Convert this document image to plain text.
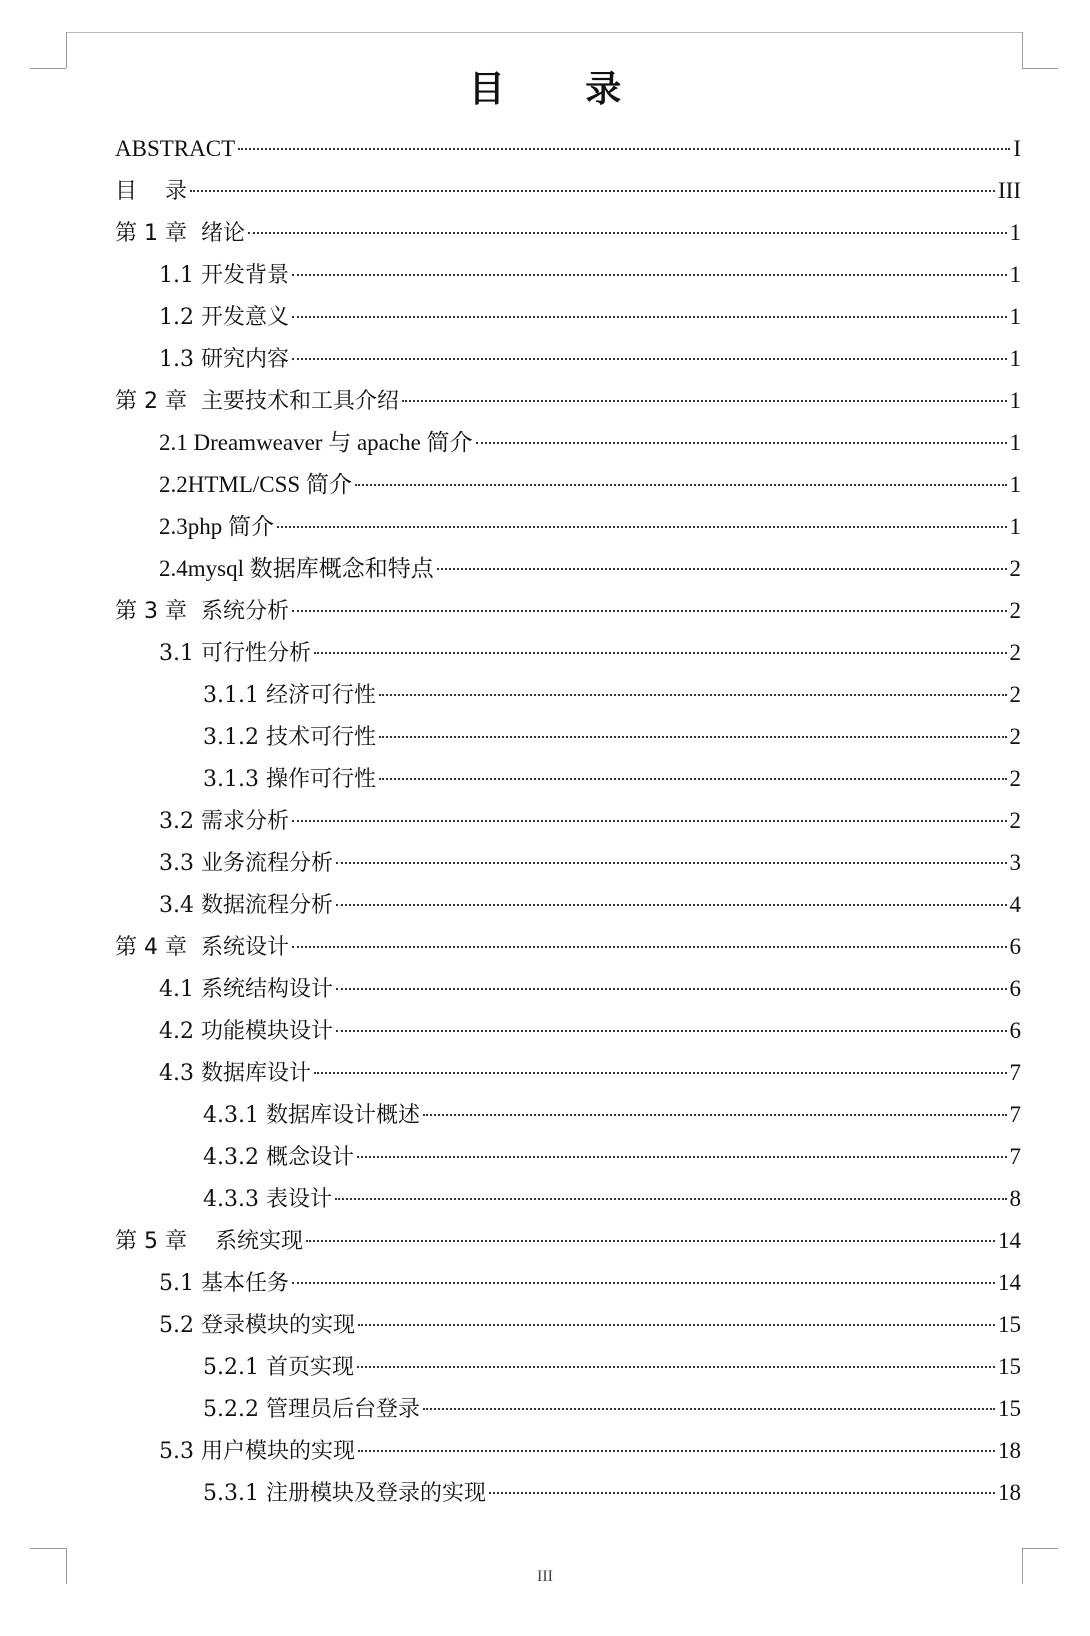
目 录
ABSTRACT	I
目    录	III
第 1 章  绪论	1
1.1 开发背景	1
1.2 开发意义	1
1.3 研究内容	1
第 2 章  主要技术和工具介绍	1
2.1 Dreamweaver 与 apache 简介	1
2.2HTML/CSS 简介	1
2.3php 简介	1
2.4mysql 数据库概念和特点	2
第 3 章  系统分析	2
3.1 可行性分析	2
3.1.1 经济可行性	2
3.1.2 技术可行性	2
3.1.3 操作可行性	2
3.2 需求分析	2
3.3 业务流程分析	3
3.4 数据流程分析	4
第 4 章  系统设计	6
4.1 系统结构设计	6
4.2 功能模块设计	6
4.3 数据库设计	7
4.3.1 数据库设计概述	7
4.3.2 概念设计	7
4.3.3 表设计	8
第 5 章    系统实现	14
5.1 基本任务	14
5.2 登录模块的实现	15
5.2.1 首页实现	15
5.2.2 管理员后台登录	15
5.3 用户模块的实现	18
5.3.1 注册模块及登录的实现	18
III
